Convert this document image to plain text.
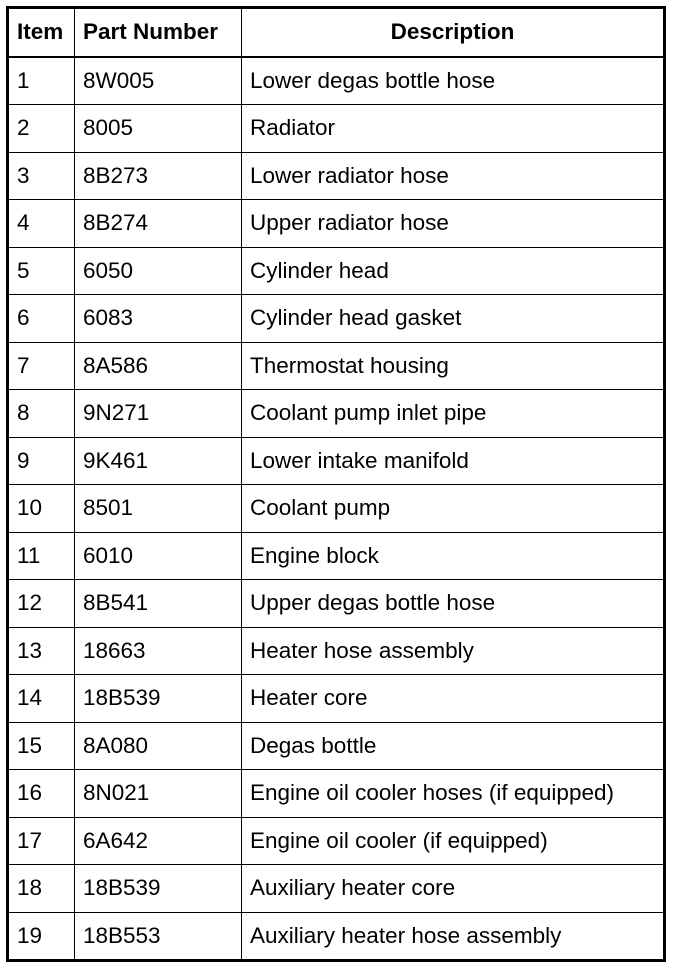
Item	Part Number	Description
1	8W005	Lower degas bottle hose
2	8005	Radiator
3	8B273	Lower radiator hose
4	8B274	Upper radiator hose
5	6050	Cylinder head
6	6083	Cylinder head gasket
7	8A586	Thermostat housing
8	9N271	Coolant pump inlet pipe
9	9K461	Lower intake manifold
10	8501	Coolant pump
11	6010	Engine block
12	8B541	Upper degas bottle hose
13	18663	Heater hose assembly
14	18B539	Heater core
15	8A080	Degas bottle
16	8N021	Engine oil cooler hoses (if equipped)
17	6A642	Engine oil cooler (if equipped)
18	18B539	Auxiliary heater core
19	18B553	Auxiliary heater hose assembly
